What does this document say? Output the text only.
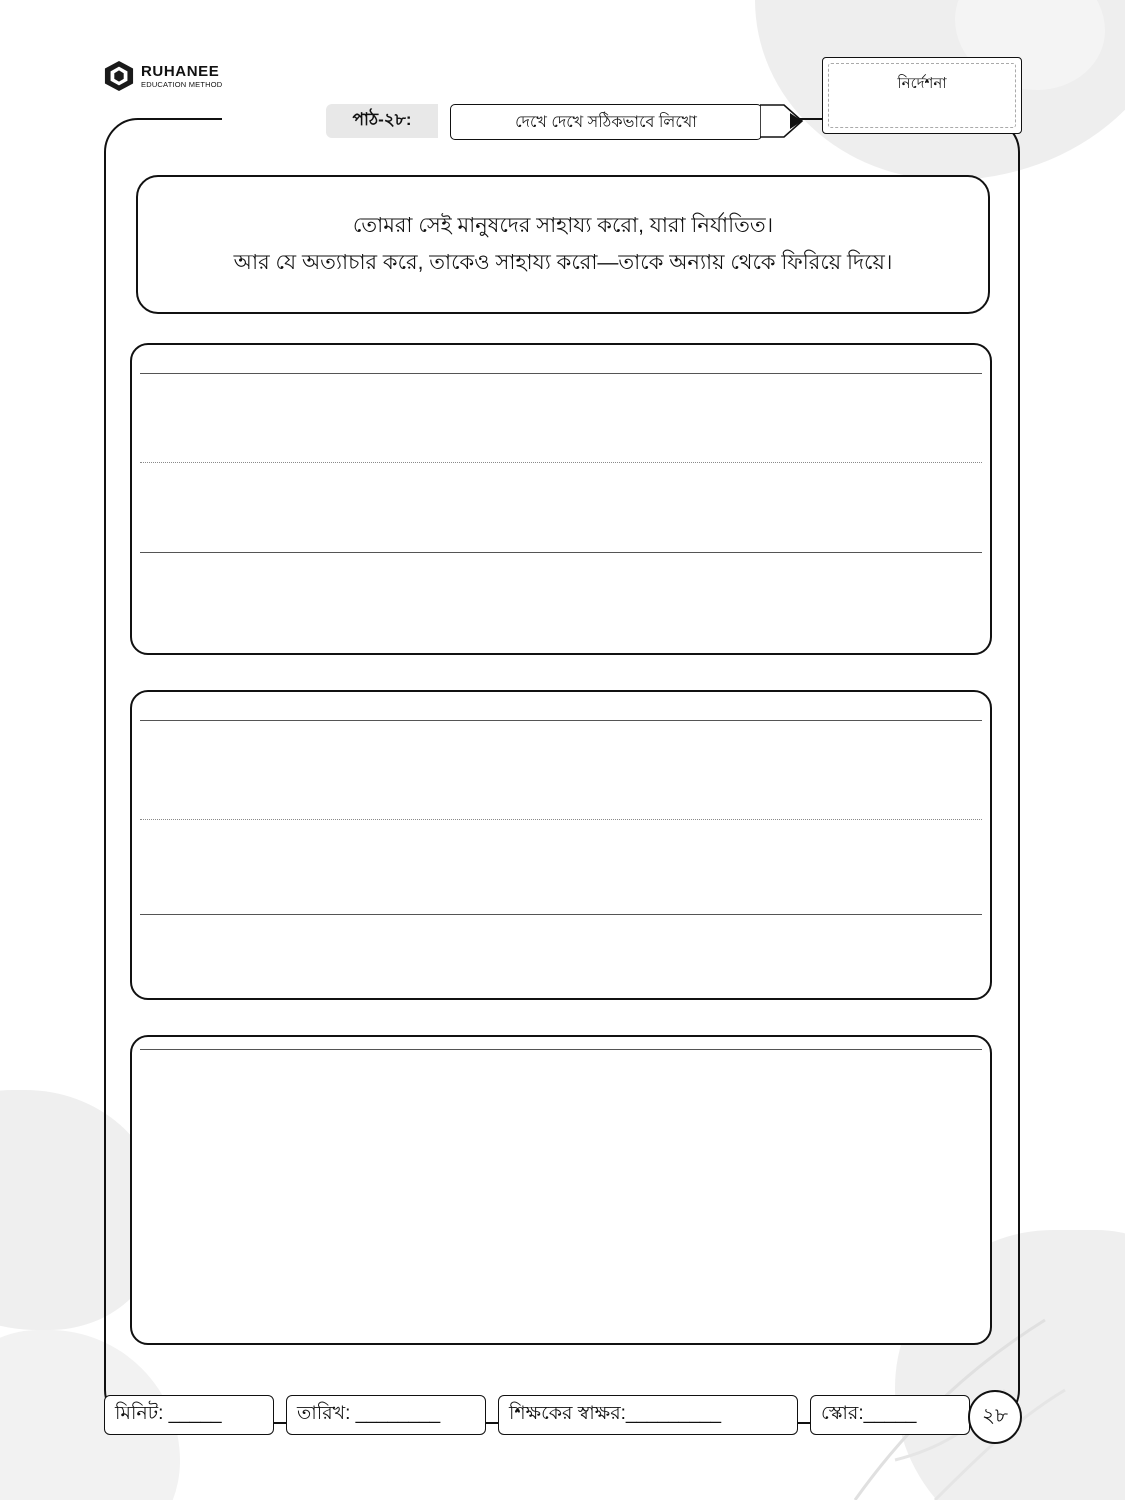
RUHANEE
EDUCATION METHOD	নির্দেশনা
পাঠ-২৮:	দেখে দেখে সঠিকভাবে লিখো
তোমরা সেই মানুষদের সাহায্য করো, যারা নির্যাতিত।
আর যে অত্যাচার করে, তাকেও সাহায্য করো—তাকে অন্যায় থেকে ফিরিয়ে দিয়ে।
মিনিট: _____	তারিখ: ________	শিক্ষকের স্বাক্ষর:_________	স্কোর:_____	২৮
